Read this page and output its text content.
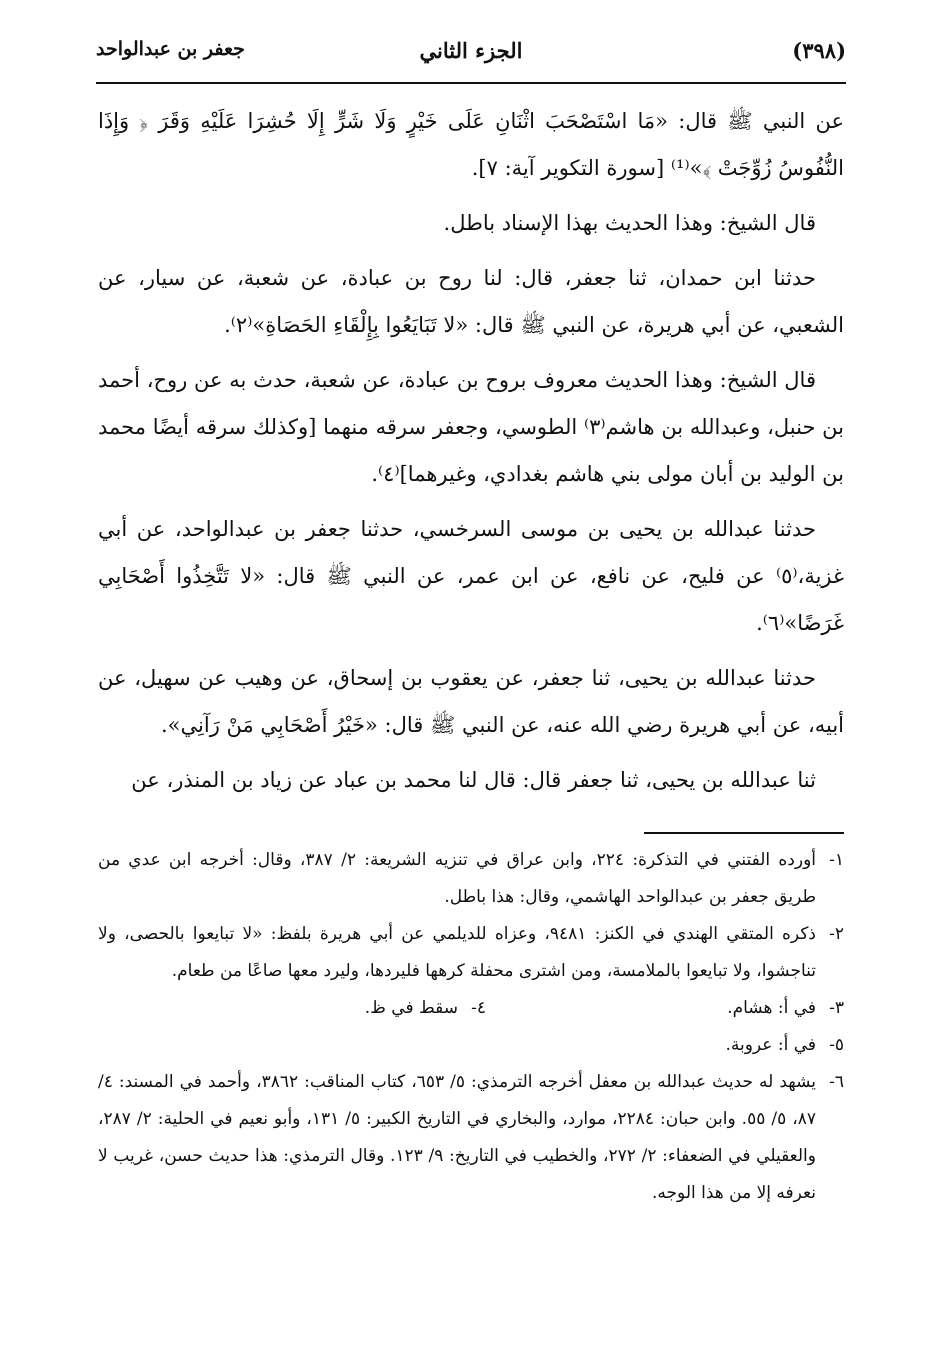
(٣٩٨)
الجزء الثاني
جعفر بن عبدالواحد

عن النبي ﷺ قال: «مَا اسْتَصْحَبَ اثْنَانِ عَلَى خَيْرٍ وَلَا شَرٍّ إِلَا حُشِرَا عَلَيْهِ وَقَرَ ﴿ وَإِذَا النُّفُوسُ زُوِّجَتْ ﴾»⁽¹⁾ [سورة التكوير آية: ٧].

قال الشيخ: وهذا الحديث بهذا الإسناد باطل.

حدثنا ابن حمدان، ثنا جعفر، قال: لنا روح بن عبادة، عن شعبة، عن سيار، عن الشعبي، عن أبي هريرة، عن النبي ﷺ قال: «لا تَبَايَعُوا بِإِلْقَاءِ الحَصَاةِ»⁽٢⁾.

قال الشيخ: وهذا الحديث معروف بروح بن عبادة، عن شعبة، حدث به عن روح، أحمد بن حنبل، وعبدالله بن هاشم⁽٣⁾ الطوسي، وجعفر سرقه منهما [وكذلك سرقه أيضًا محمد بن الوليد بن أبان مولى بني هاشم بغدادي، وغيرهما]⁽٤⁾.

حدثنا عبدالله بن يحيى بن موسى السرخسي، حدثنا جعفر بن عبدالواحد، عن أبي غزية،⁽٥⁾ عن فليح، عن نافع، عن ابن عمر، عن النبي ﷺ قال: «لا تَتَّخِذُوا أَصْحَابِي غَرَضًا»⁽٦⁾.

حدثنا عبدالله بن يحيى، ثنا جعفر، عن يعقوب بن إسحاق، عن وهيب عن سهيل، عن أبيه، عن أبي هريرة رضي الله عنه، عن النبي ﷺ قال: «خَيْرُ أَصْحَابِي مَنْ رَآنِي».

ثنا عبدالله بن يحيى، ثنا جعفر قال: قال لنا محمد بن عباد عن زياد بن المنذر، عن

١-
أورده الفتني في التذكرة: ٢٢٤، وابن عراق في تنزيه الشريعة: ٢/ ٣٨٧، وقال: أخرجه ابن عدي من طريق جعفر بن عبدالواحد الهاشمي، وقال: هذا باطل.
٢-
ذكره المتقي الهندي في الكنز: ٩٤٨١، وعزاه للديلمي عن أبي هريرة بلفظ: «لا تبايعوا بالحصى، ولا تناجشوا، ولا تبايعوا بالملامسة، ومن اشترى محفلة كرهها فليردها، وليرد معها صاعًا من طعام.
٣-
في أ: هشام.
٤-
سقط في ظ.
٥-
في أ: عروبة.
٦-
يشهد له حديث عبدالله بن معفل أخرجه الترمذي: ٥/ ٦٥٣، كتاب المناقب: ٣٨٦٢، وأحمد في المسند: ٤/ ٨٧، ٥/ ٥٥. وابن حبان: ٢٢٨٤، موارد، والبخاري في التاريخ الكبير: ٥/ ١٣١، وأبو نعيم في الحلية: ٢/ ٢٨٧، والعقيلي في الضعفاء: ٢/ ٢٧٢، والخطيب في التاريخ: ٩/ ١٢٣. وقال الترمذي: هذا حديث حسن، غريب لا نعرفه إلا من هذا الوجه.
